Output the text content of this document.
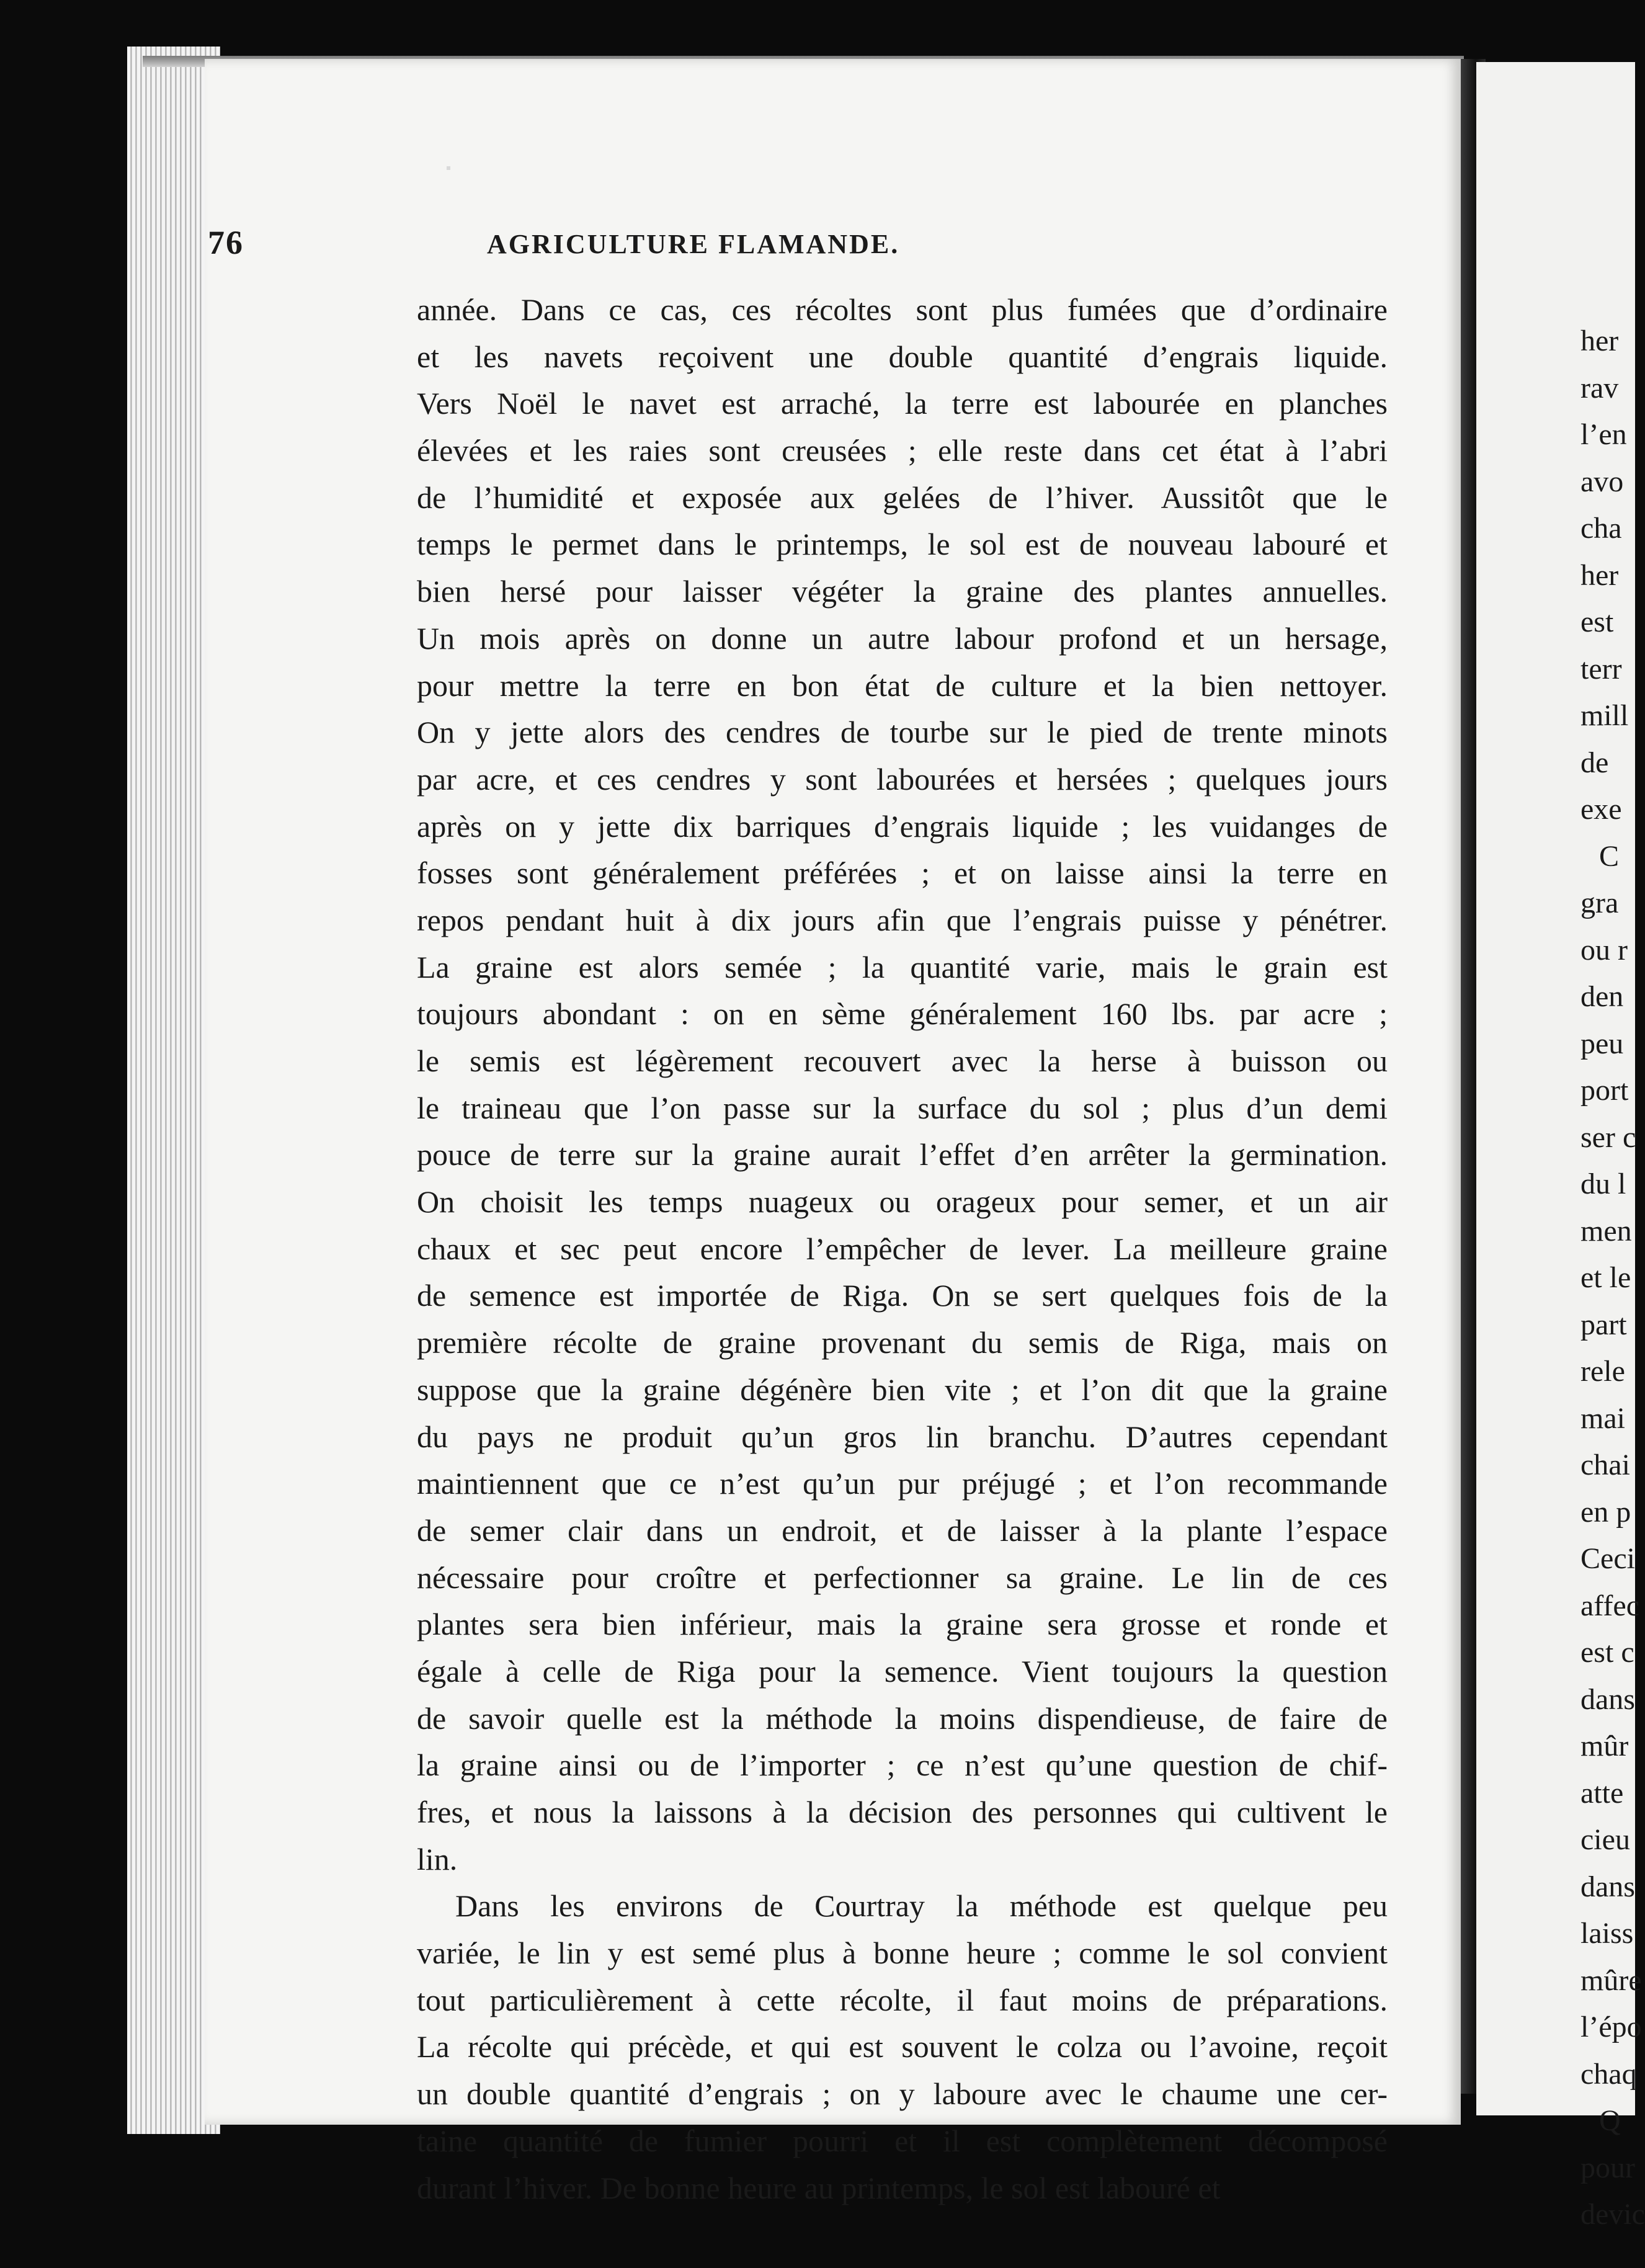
76	AGRICULTURE FLAMANDE.
année. Dans ce cas, ces récoltes sont plus fumées que d’ordinaire
et les navets reçoivent une double quantité d’engrais liquide.
Vers Noël le navet est arraché, la terre est labourée en planches
élevées et les raies sont creusées ; elle reste dans cet état à l’abri
de l’humidité et exposée aux gelées de l’hiver. Aussitôt que le
temps le permet dans le printemps, le sol est de nouveau labouré et
bien hersé pour laisser végéter la graine des plantes annuelles.
Un mois après on donne un autre labour profond et un hersage,
pour mettre la terre en bon état de culture et la bien nettoyer.
On y jette alors des cendres de tourbe sur le pied de trente minots
par acre, et ces cendres y sont labourées et hersées ; quelques jours
après on y jette dix barriques d’engrais liquide ; les vuidanges de
fosses sont généralement préférées ; et on laisse ainsi la terre en
repos pendant huit à dix jours afin que l’engrais puisse y pénétrer.
La graine est alors semée ; la quantité varie, mais le grain est
toujours abondant : on en sème généralement 160 lbs. par acre ;
le semis est légèrement recouvert avec la herse à buisson ou
le traineau que l’on passe sur la surface du sol ; plus d’un demi
pouce de terre sur la graine aurait l’effet d’en arrêter la germination.
On choisit les temps nuageux ou orageux pour semer, et un air
chaux et sec peut encore l’empêcher de lever. La meilleure graine
de semence est importée de Riga. On se sert quelques fois de la
première récolte de graine provenant du semis de Riga, mais on
suppose que la graine dégénère bien vite ; et l’on dit que la graine
du pays ne produit qu’un gros lin branchu. D’autres cependant
maintiennent que ce n’est qu’un pur préjugé ; et l’on recommande
de semer clair dans un endroit, et de laisser à la plante l’espace
nécessaire pour croître et perfectionner sa graine. Le lin de ces
plantes sera bien inférieur, mais la graine sera grosse et ronde et
égale à celle de Riga pour la semence. Vient toujours la question
de savoir quelle est la méthode la moins dispendieuse, de faire de
la graine ainsi ou de l’importer ; ce n’est qu’une question de chif-
fres, et nous la laissons à la décision des personnes qui cultivent le
lin.
Dans les environs de Courtray la méthode est quelque peu
variée, le lin y est semé plus à bonne heure ; comme le sol convient
tout particulièrement à cette récolte, il faut moins de préparations.
La récolte qui précède, et qui est souvent le colza ou l’avoine, reçoit
un double quantité d’engrais ; on y laboure avec le chaume une cer-
taine quantité de fumier pourri et il est complètement décomposé
durant l’hiver. De bonne heure au printemps, le sol est labouré et
her
rav
l’en
avo
cha
her
est
terr
mill
de
exe
C
gra
ou r
den
peu
port
ser c
du l
men
et le
part
rele
mai
chai
en p
Ceci
affec
est c
dans
mûr
atte
cieu
dans
laiss
mûre
l’épo
chaq
Q
pour
devic
